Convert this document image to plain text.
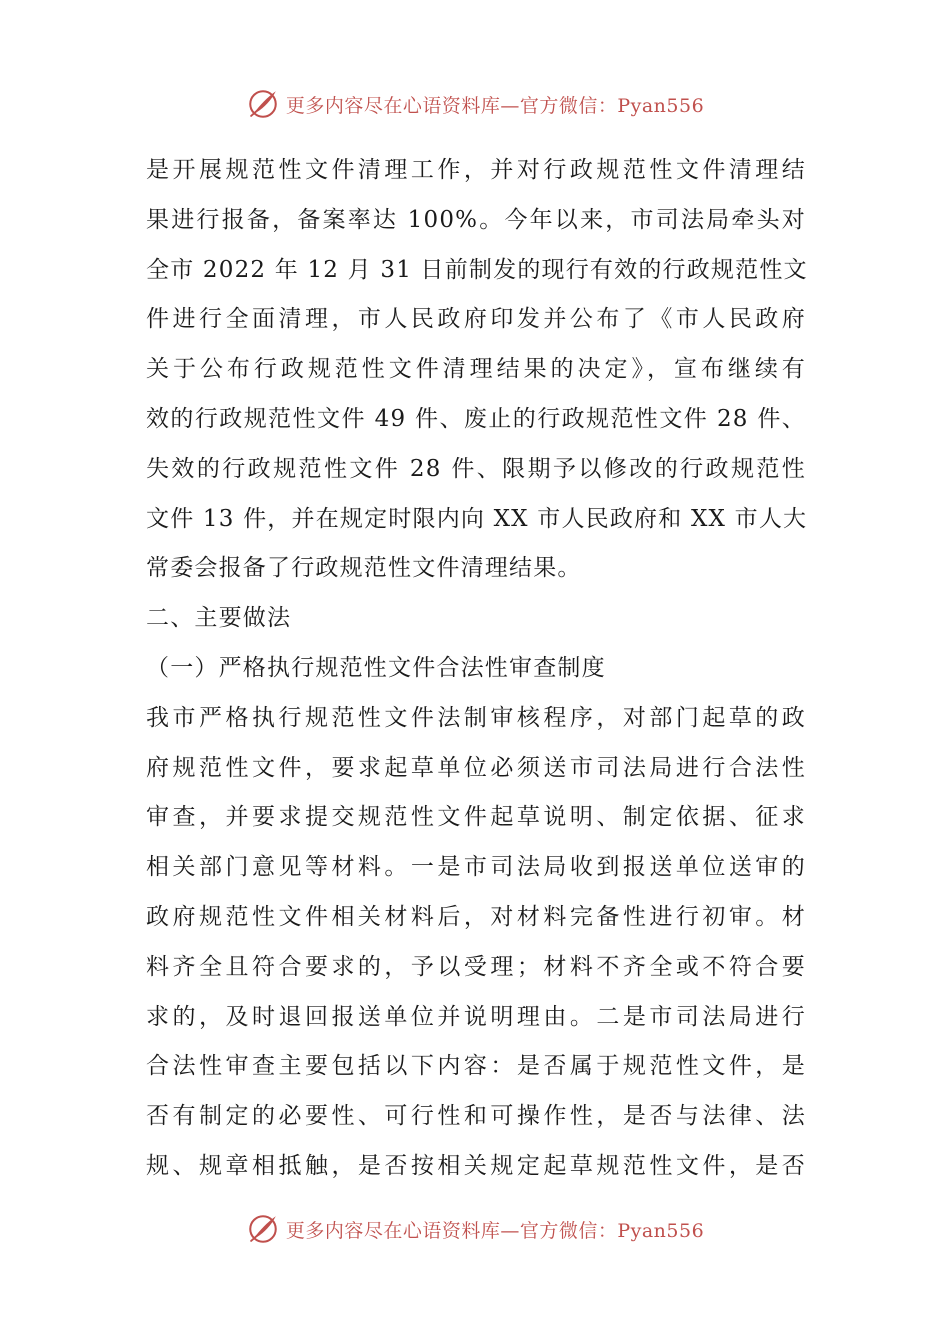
更多内容尽在心语资料库—官方微信：Pyan556
是开展规范性文件清理工作，并对行政规范性文件清理结
果进行报备，备案率达 100%。今年以来，市司法局牵头对
全市 2022 年 12 月 31 日前制发的现行有效的行政规范性文
件进行全面清理，市人民政府印发并公布了《市人民政府
关于公布行政规范性文件清理结果的决定》，宣布继续有
效的行政规范性文件 49 件、废止的行政规范性文件 28 件、
失效的行政规范性文件 28 件、限期予以修改的行政规范性
文件 13 件，并在规定时限内向 XX 市人民政府和 XX 市人大
常委会报备了行政规范性文件清理结果。
二、主要做法
（一）严格执行规范性文件合法性审查制度
我市严格执行规范性文件法制审核程序，对部门起草的政
府规范性文件，要求起草单位必须送市司法局进行合法性
审查，并要求提交规范性文件起草说明、制定依据、征求
相关部门意见等材料。一是市司法局收到报送单位送审的
政府规范性文件相关材料后，对材料完备性进行初审。材
料齐全且符合要求的，予以受理；材料不齐全或不符合要
求的，及时退回报送单位并说明理由。二是市司法局进行
合法性审查主要包括以下内容：是否属于规范性文件，是
否有制定的必要性、可行性和可操作性，是否与法律、法
规、规章相抵触，是否按相关规定起草规范性文件，是否
更多内容尽在心语资料库—官方微信：Pyan556
